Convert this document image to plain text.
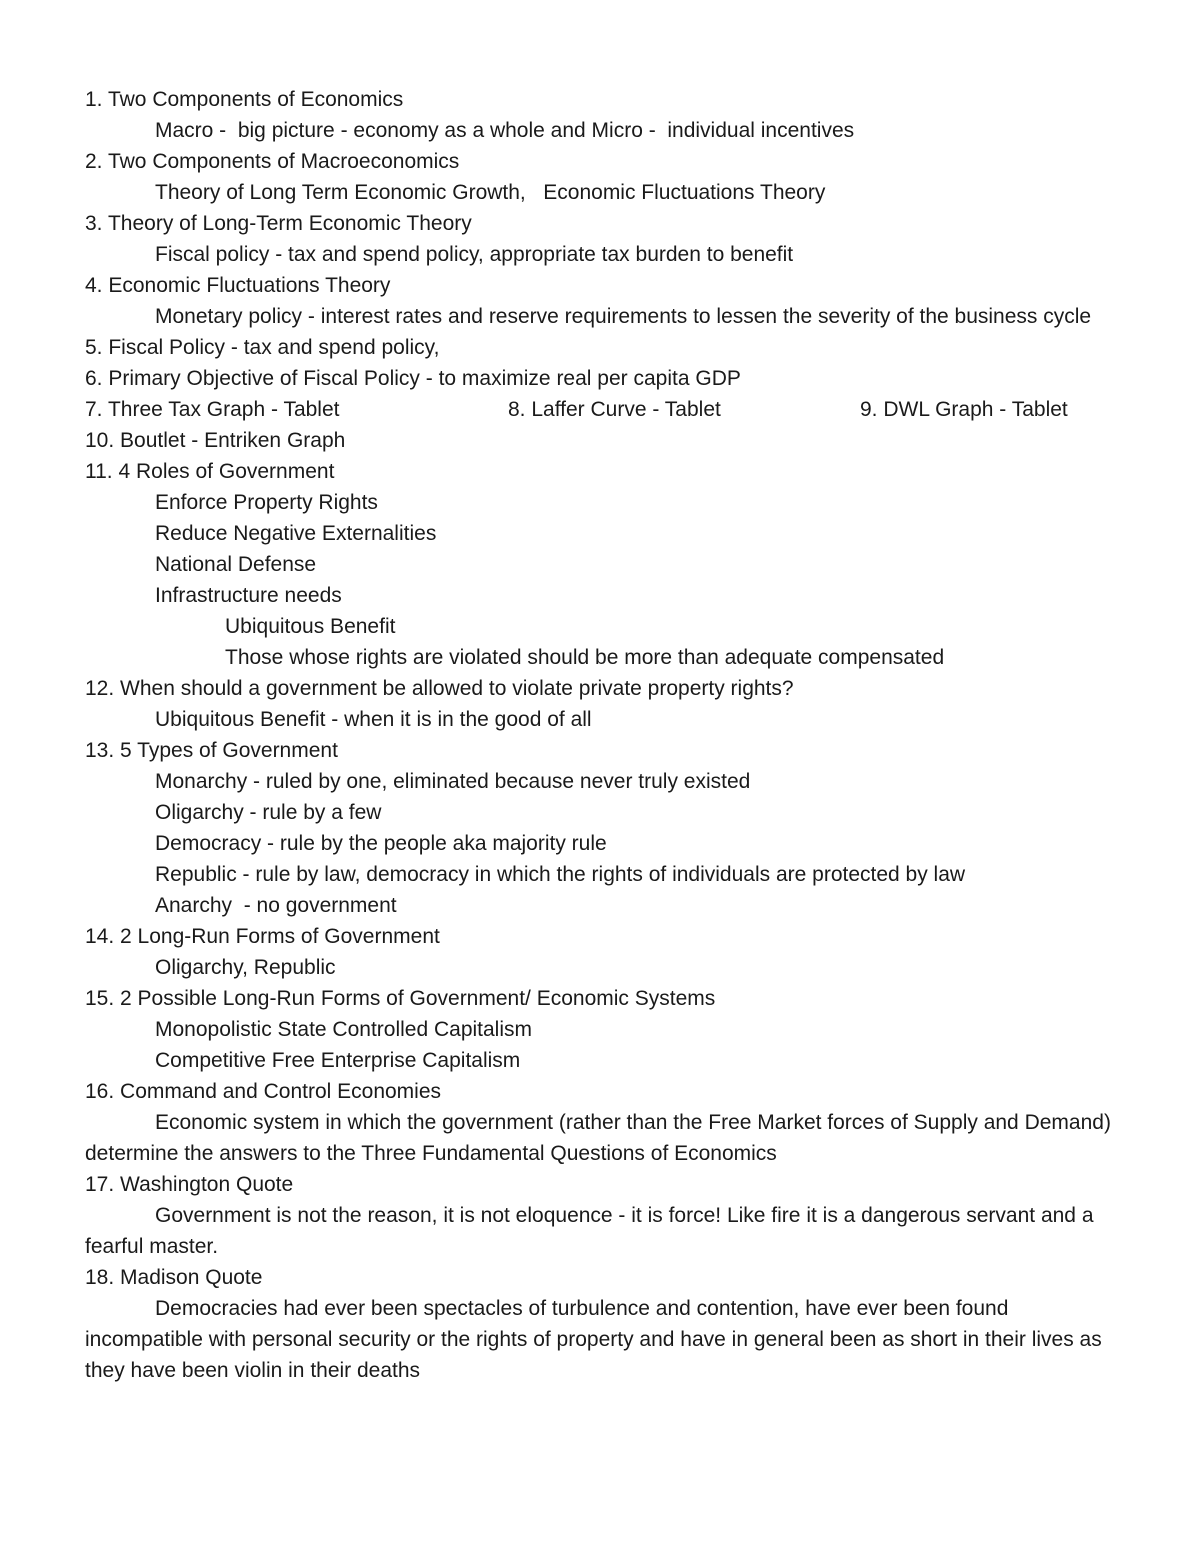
1. Two Components of Economics

Macro -  big picture - economy as a whole and Micro -  individual incentives

2. Two Components of Macroeconomics

Theory of Long Term Economic Growth,   Economic Fluctuations Theory

3. Theory of Long-Term Economic Theory

Fiscal policy - tax and spend policy, appropriate tax burden to benefit

4. Economic Fluctuations Theory

Monetary policy - interest rates and reserve requirements to lessen the severity of the business cycle

5. Fiscal Policy - tax and spend policy,

6. Primary Objective of Fiscal Policy - to maximize real per capita GDP

7. Three Tax Graph - Tablet	8. Laffer Curve - Tablet	9. DWL Graph - Tablet

10. Boutlet - Entriken Graph

11. 4 Roles of Government

Enforce Property Rights

Reduce Negative Externalities

National Defense

Infrastructure needs

Ubiquitous Benefit

Those whose rights are violated should be more than adequate compensated

12. When should a government be allowed to violate private property rights?

Ubiquitous Benefit - when it is in the good of all

13. 5 Types of Government

Monarchy - ruled by one, eliminated because never truly existed

Oligarchy - rule by a few

Democracy - rule by the people aka majority rule

Republic - rule by law, democracy in which the rights of individuals are protected by law

Anarchy  - no government

14. 2 Long-Run Forms of Government

Oligarchy, Republic

15. 2 Possible Long-Run Forms of Government/ Economic Systems

Monopolistic State Controlled Capitalism

Competitive Free Enterprise Capitalism

16. Command and Control Economies

Economic system in which the government (rather than the Free Market forces of Supply and Demand) determine the answers to the Three Fundamental Questions of Economics

17. Washington Quote

Government is not the reason, it is not eloquence - it is force! Like fire it is a dangerous servant and a fearful master.

18. Madison Quote

Democracies had ever been spectacles of turbulence and contention, have ever been found incompatible with personal security or the rights of property and have in general been as short in their lives as they have been violin in their deaths
